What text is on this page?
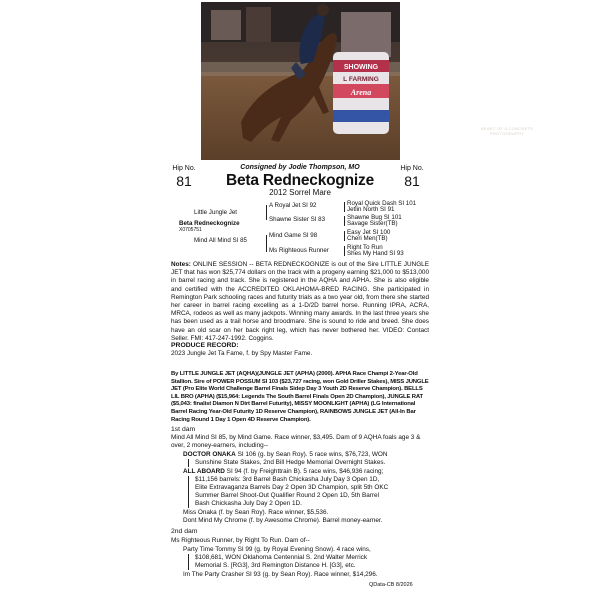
SHOWING
L FARMING
Arena
HEART OF A CONCRETE PHOTOGRAPHY
Hip No.
81
Hip No.
81
Consigned by Jodie Thompson, MO
Beta Redneckognize
2012 Sorrel Mare
A Royal Jet SI 92
Little Jungle Jet
Shawne Sister SI 83
Beta Redneckognize
X0705751
Mind Game SI 98
Mind All Mind SI 85
Ms Righteous Runner
Royal Quick Dash SI 101
Jetlin North SI 91
Shawne Bug SI 101
Savage Sister(TB)
Easy Jet SI 100
Cheri Men(TB)
Right To Run
Shes My Hand SI 93

Notes: ONLINE SESSION -- BETA REDNECKOGNIZE is out of the Sire LITTLE JUNGLE JET that has won $25,774 dollars on the track with a progeny earning $21,000 to $513,000 in barrel racing and track. She is registered in the AQHA and APHA. She is also eligible and certified with the ACCREDITED OKLAHOMA-BRED RACING. She participated in Remington Park schooling races and futurity trials as a two year old, from there she started her career in barrel racing excelling as a 1-D/2D barrel horse. Running IPRA, ACRA, MRCA, rodeos as well as many jackpots. Winning many awards. In the last three years she has been used as a trail horse and broodmare. She is sound to ride and breed. She does have an old scar on her back right leg, which has never bothered her. VIDEO: Contact Seller. FMI: 417-247-1992. Coggins.

PRODUCE RECORD:
2023 Jungle Jet Ta Fame, f. by Spy Master Fame.

By LITTLE JUNGLE JET (AQHA)(JUNGLE JET (APHA) (2000). APHA Race Champi 2-Year-Old Stallion. Sire of POWER POSSUM SI 103 ($23,727 racing, won Gold Driller Stakes), MISS JUNGLE JET (Pro Elite World Challenge Barrel Finals Sidep Day 3 Youth 2D Reserve Champion). BELLS LIL BRO (APHA) ($15,964: Legends The South Barrel Finals Open 2D Champion), JUNGLE RAT ($5,043: finalist Diamon N Dirt Barrel Futurity), MISSY MOONLIGHT (APHA) (LG International Barrel Racing Year-Old Futurity 1D Reserve Champion), RAINBOWS JUNGLE JET (All-In Bar Racing Round 1 Day 1 Open 4D Reserve Champion).

1st dam

Mind All Mind SI 85, by Mind Game. Race winner, $3,495. Dam of 9 AQHA foals age 3 & over, 2 money-earners, including--

DOCTOR ONAKA SI 106 (g. by Sean Roy). 5 race wins, $76,723, WON
Sunshine State Stakes, 2nd Bill Hedge Memorial Overnight Stakes.
ALL ABOARD SI 94 (f. by Freighttrain B). 5 race wins, $46,936 racing;
$11,156 barrels: 3rd Barrel Bash Chickasha July Day 3 Open 1D,
Elite Extravaganza Barrels Day 2 Open 3D Champion, split 5th OKC
Summer Barrel Shoot-Out Qualifier Round 2 Open 1D, 5th Barrel
Bash Chickasha July Day 2 Open 1D.
Miss Onaka (f. by Sean Roy). Race winner, $5,536.
Dont Mind My Chrome (f. by Awesome Chrome). Barrel money-earner.
2nd dam
Ms Righteous Runner, by Right To Run. Dam of--
Party Time Tommy SI 99 (g. by Royal Evening Snow). 4 race wins,
$108,681, WON Oklahoma Centennial S. 2nd Walter Merrick
Memorial S. [RG3], 3rd Remington Distance H. [G3], etc.
Im The Party Crasher SI 93 (g. by Sean Roy). Race winner, $14,296.
QData-CB 8/2026
